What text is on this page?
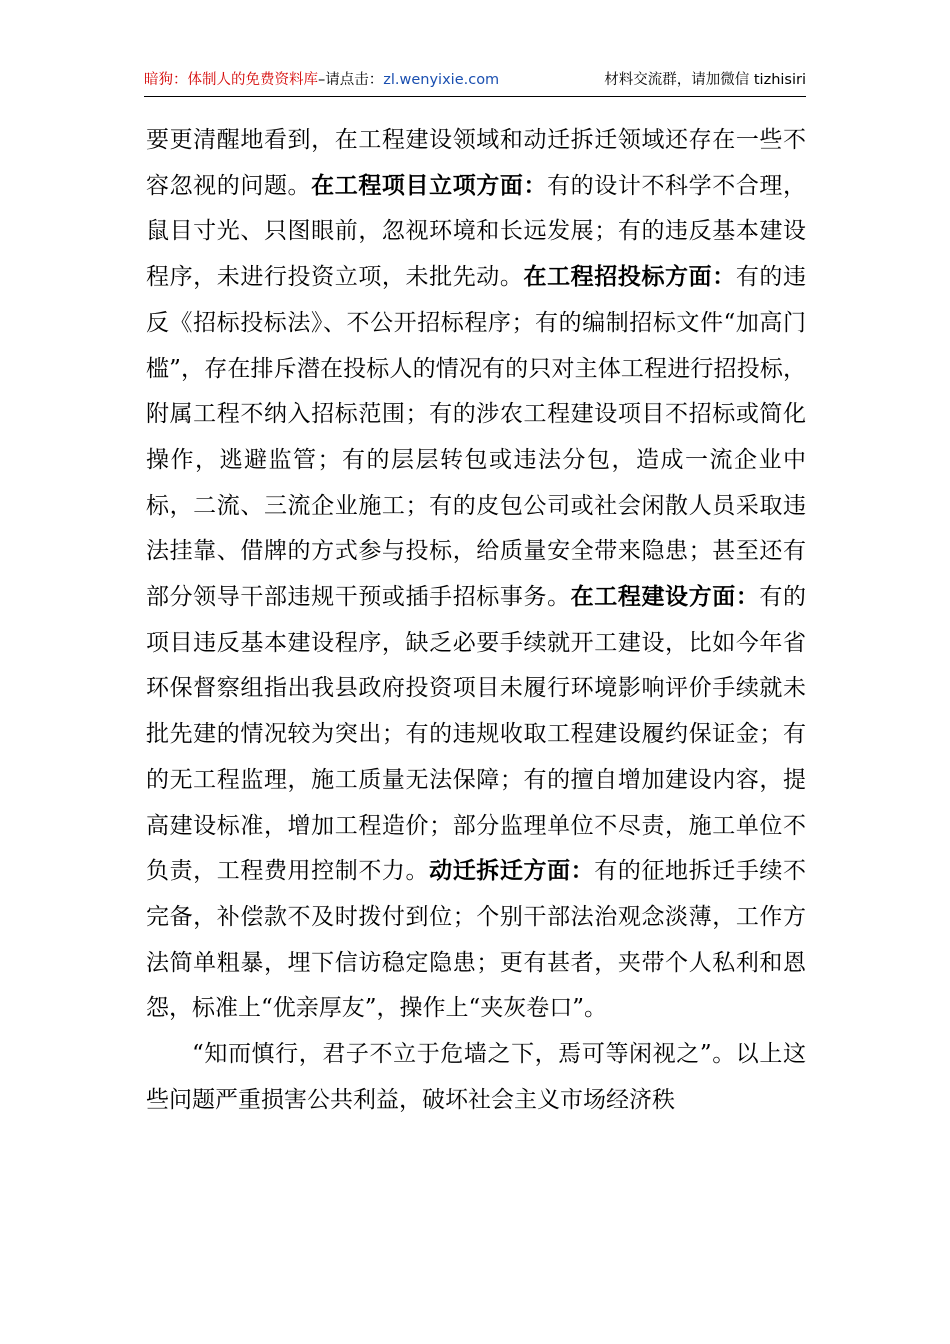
暗狗：体制人的免费资料库–请点击：zl.wenyixie.com	材料交流群，请加微信 tizhisiri

要更清醒地看到，在工程建设领域和动迁拆迁领域还存在一些不容忽视的问题。在工程项目立项方面：有的设计不科学不合理，鼠目寸光、只图眼前，忽视环境和长远发展；有的违反基本建设程序，未进行投资立项，未批先动。在工程招投标方面：有的违反《招标投标法》、不公开招标程序；有的编制招标文件“加高门槛”，存在排斥潜在投标人的情况有的只对主体工程进行招投标，附属工程不纳入招标范围；有的涉农工程建设项目不招标或简化操作，逃避监管；有的层层转包或违法分包，造成一流企业中标，二流、三流企业施工；有的皮包公司或社会闲散人员采取违法挂靠、借牌的方式参与投标，给质量安全带来隐患；甚至还有部分领导干部违规干预或插手招标事务。在工程建设方面：有的项目违反基本建设程序，缺乏必要手续就开工建设，比如今年省环保督察组指出我县政府投资项目未履行环境影响评价手续就未批先建的情况较为突出；有的违规收取工程建设履约保证金；有的无工程监理，施工质量无法保障；有的擅自增加建设内容，提高建设标准，增加工程造价；部分监理单位不尽责，施工单位不负责，工程费用控制不力。动迁拆迁方面：有的征地拆迁手续不完备，补偿款不及时拨付到位；个别干部法治观念淡薄，工作方法简单粗暴，埋下信访稳定隐患；更有甚者，夹带个人私利和恩怨，标准上“优亲厚友”，操作上“夹灰卷口”。

“知而慎行，君子不立于危墙之下，焉可等闲视之”。以上这些问题严重损害公共利益，破坏社会主义市场经济秩
